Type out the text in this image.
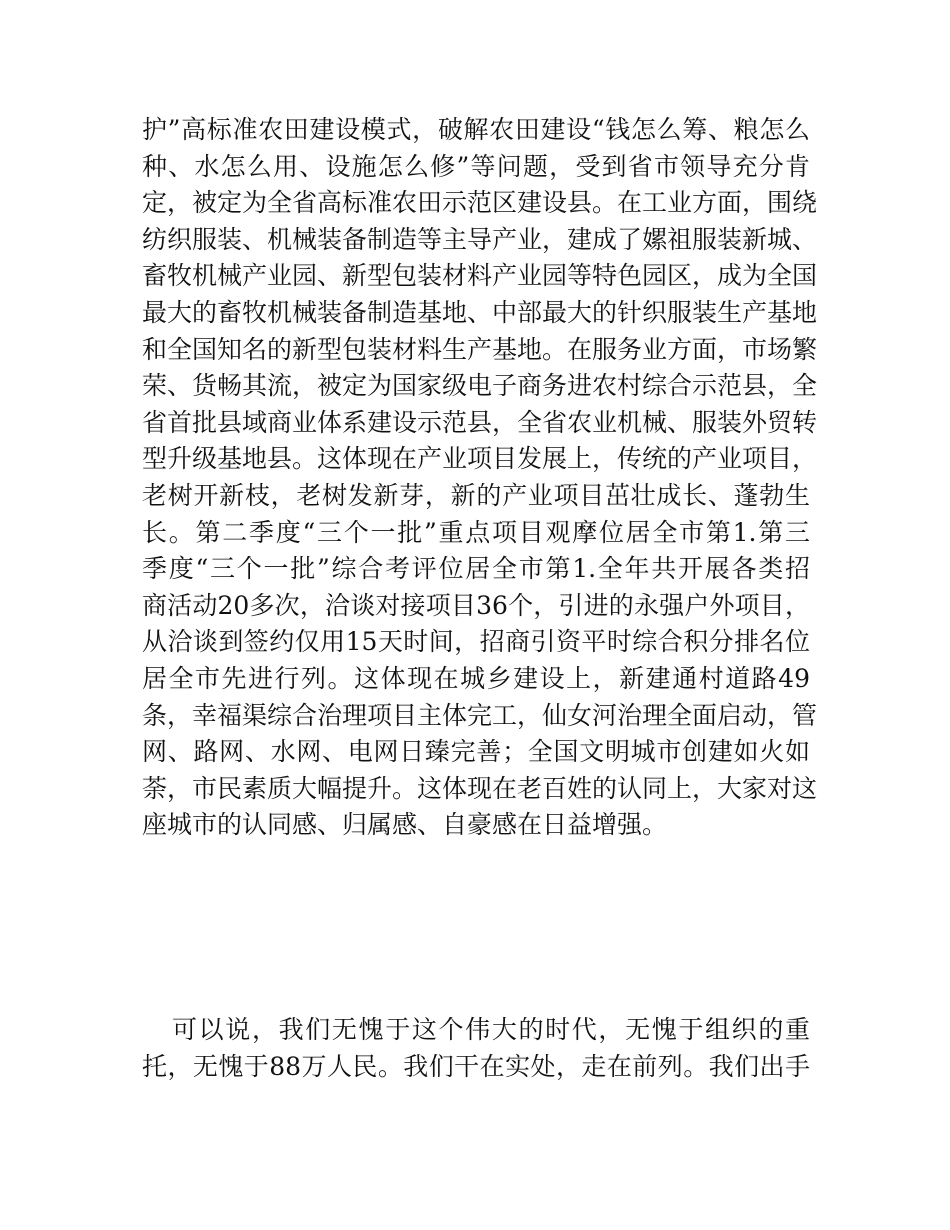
护”高标准农田建设模式，破解农田建设“钱怎么筹、粮怎么
种、水怎么用、设施怎么修”等问题，受到省市领导充分肯
定，被定为全省高标准农田示范区建设县。在工业方面，围绕
纺织服装、机械装备制造等主导产业，建成了嫘祖服装新城、
畜牧机械产业园、新型包装材料产业园等特色园区，成为全国
最大的畜牧机械装备制造基地、中部最大的针织服装生产基地
和全国知名的新型包装材料生产基地。在服务业方面，市场繁
荣、货畅其流，被定为国家级电子商务进农村综合示范县，全
省首批县域商业体系建设示范县，全省农业机械、服装外贸转
型升级基地县。这体现在产业项目发展上，传统的产业项目，
老树开新枝，老树发新芽，新的产业项目茁壮成长、蓬勃生
长。第二季度“三个一批”重点项目观摩位居全市第1.第三
季度“三个一批”综合考评位居全市第1.全年共开展各类招
商活动20多次，洽谈对接项目36个，引进的永强户外项目，
从洽谈到签约仅用15天时间，招商引资平时综合积分排名位
居全市先进行列。这体现在城乡建设上，新建通村道路49
条，幸福渠综合治理项目主体完工，仙女河治理全面启动，管
网、路网、水网、电网日臻完善；全国文明城市创建如火如
荼，市民素质大幅提升。这体现在老百姓的认同上，大家对这
座城市的认同感、归属感、自豪感在日益增强。
可以说，我们无愧于这个伟大的时代，无愧于组织的重
托，无愧于88万人民。我们干在实处，走在前列。我们出手
